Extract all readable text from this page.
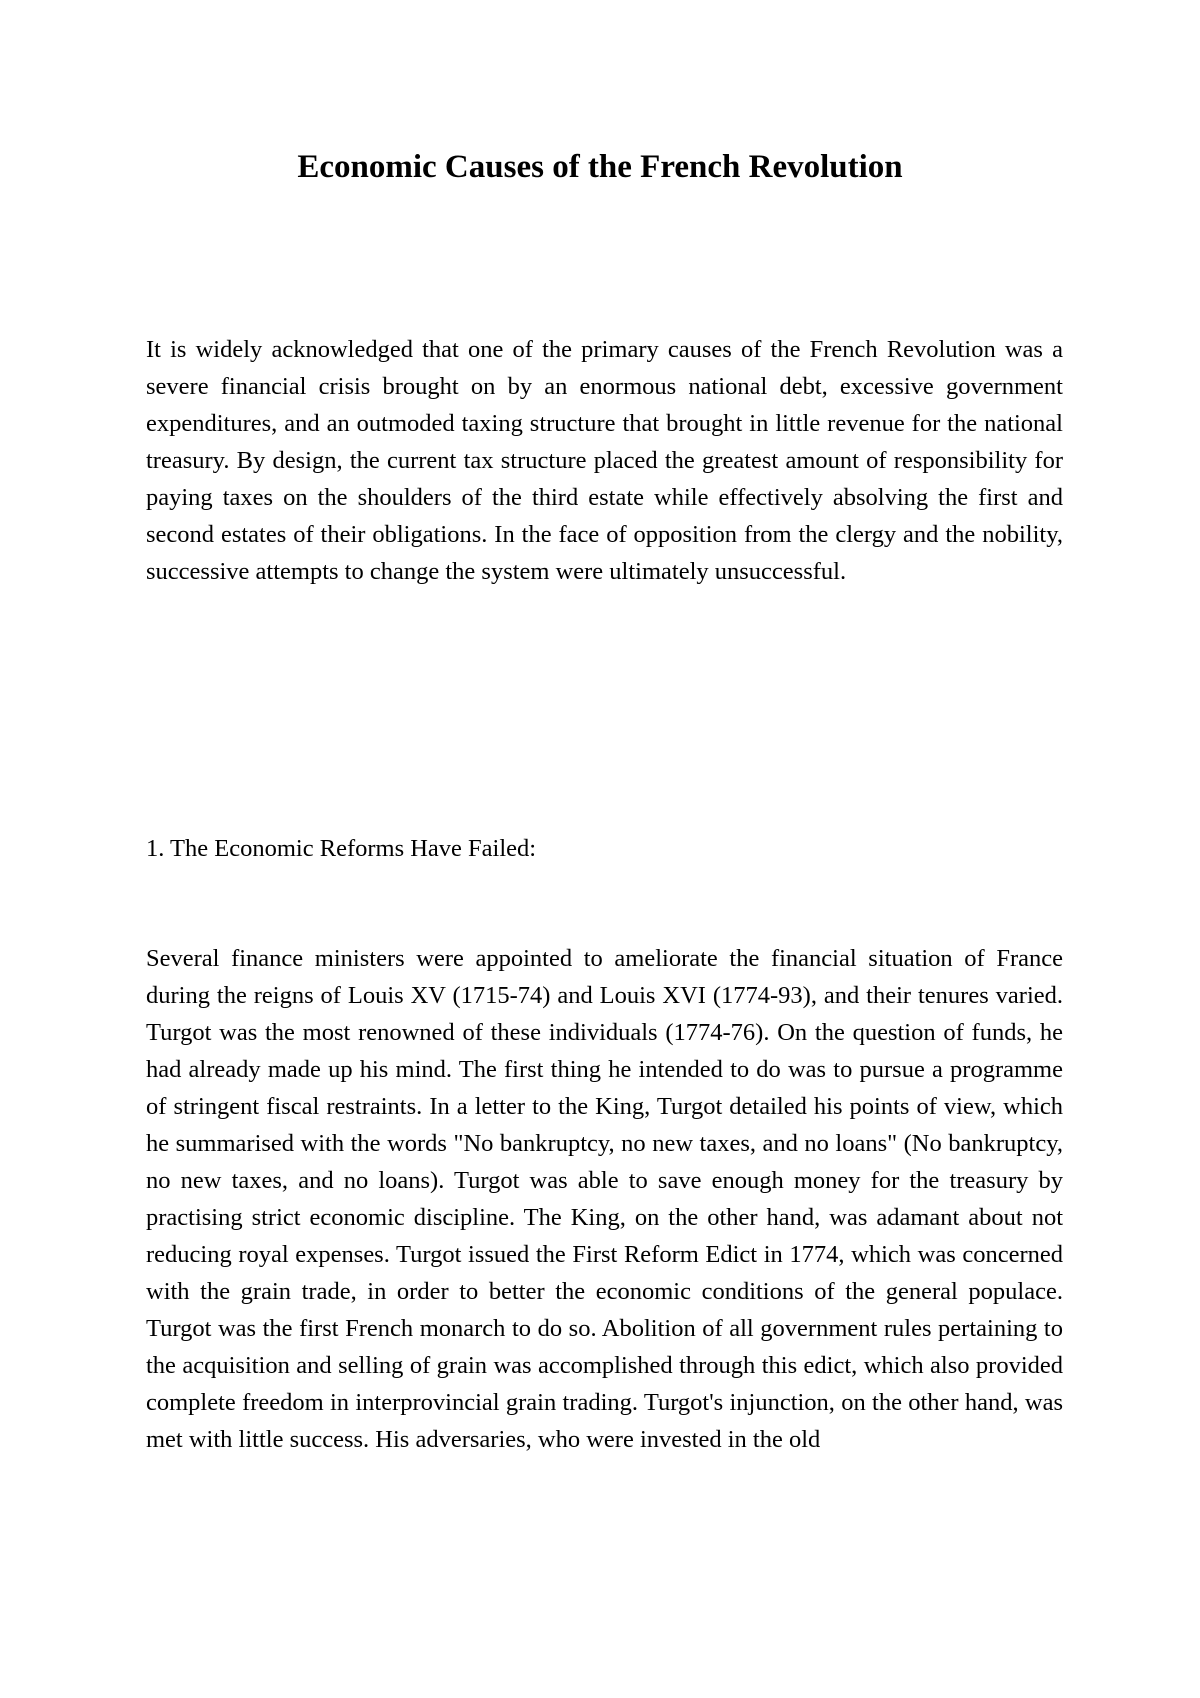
Economic Causes of the French Revolution

It is widely acknowledged that one of the primary causes of the French Revolution was a severe financial crisis brought on by an enormous national debt, excessive government expenditures, and an outmoded taxing structure that brought in little revenue for the national treasury. By design, the current tax structure placed the greatest amount of responsibility for paying taxes on the shoulders of the third estate while effectively absolving the first and second estates of their obligations. In the face of opposition from the clergy and the nobility, successive attempts to change the system were ultimately unsuccessful.

1. The Economic Reforms Have Failed:

Several finance ministers were appointed to ameliorate the financial situation of France during the reigns of Louis XV (1715-74) and Louis XVI (1774-93), and their tenures varied. Turgot was the most renowned of these individuals (1774-76). On the question of funds, he had already made up his mind. The first thing he intended to do was to pursue a programme of stringent fiscal restraints. In a letter to the King, Turgot detailed his points of view, which he summarised with the words "No bankruptcy, no new taxes, and no loans" (No bankruptcy, no new taxes, and no loans). Turgot was able to save enough money for the treasury by practising strict economic discipline. The King, on the other hand, was adamant about not reducing royal expenses. Turgot issued the First Reform Edict in 1774, which was concerned with the grain trade, in order to better the economic conditions of the general populace. Turgot was the first French monarch to do so. Abolition of all government rules pertaining to the acquisition and selling of grain was accomplished through this edict, which also provided complete freedom in interprovincial grain trading. Turgot's injunction, on the other hand, was met with little success. His adversaries, who were invested in the old
